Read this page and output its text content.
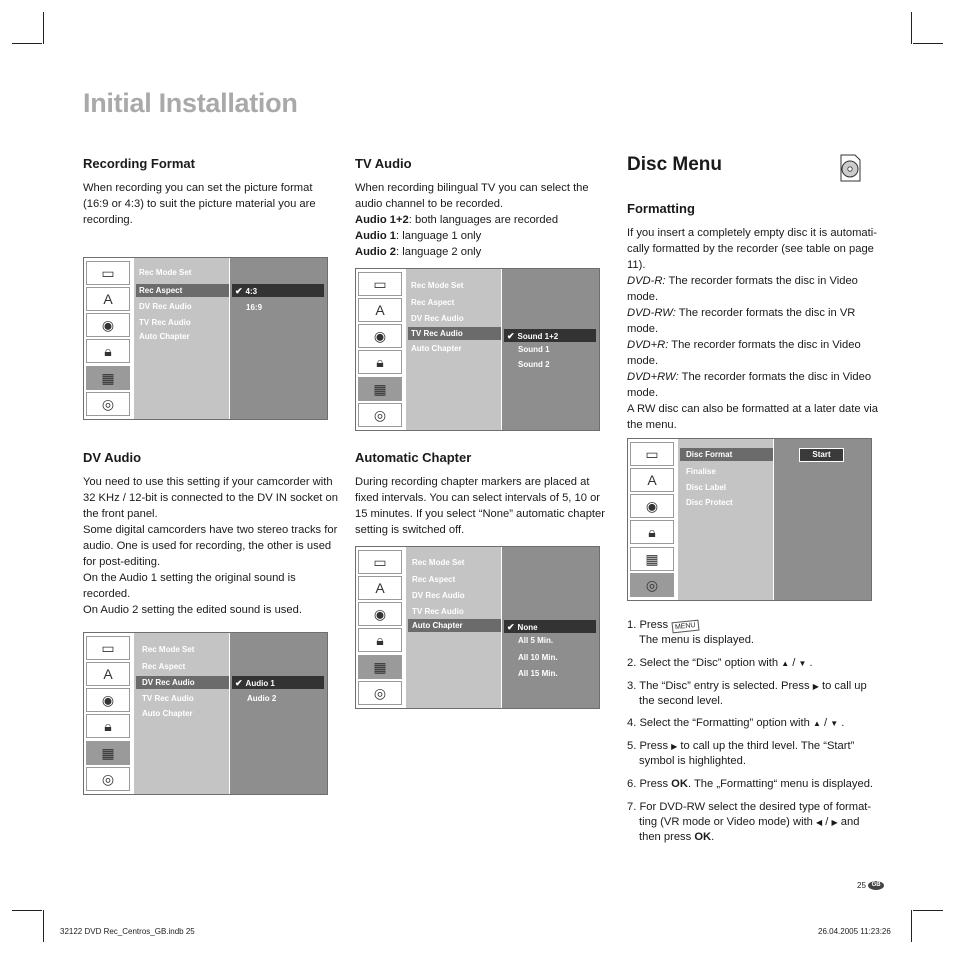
Initial Installation
Recording Format
When recording you can set the picture format
(16:9 or 4:3) to suit the picture material you are
recording.
▭
A
◉
🔒︎
▦
◎
Rec Mode Set
Rec Aspect
DV Rec Audio
TV Rec Audio
Auto Chapter
✔ 4:3
16:9
DV Audio
You need to use this setting if your camcorder with
32 KHz / 12-bit is connected to the DV IN socket on
the front panel.
Some digital camcorders have two stereo tracks for
audio. One is used for recording, the other is used
for post-editing.
On the Audio 1 setting the original sound is
recorded.
On Audio 2 setting the edited sound is used.
▭
A
◉
🔒︎
▦
◎
Rec Mode Set
Rec Aspect
DV Rec Audio
TV Rec Audio
Auto Chapter
✔ Audio 1
Audio 2
TV Audio
When recording bilingual TV you can select the
audio channel to be recorded.
Audio 1+2: both languages are recorded
Audio 1: language 1 only
Audio 2: language 2 only
▭
A
◉
🔒︎
▦
◎
Rec Mode Set
Rec Aspect
DV Rec Audio
TV Rec Audio
Auto Chapter
✔ Sound 1+2
Sound 1
Sound 2
Automatic Chapter
During recording chapter markers are placed at
fixed intervals. You can select intervals of 5, 10 or
15 minutes. If you select “None” automatic chapter
setting is switched off.
▭
A
◉
🔒︎
▦
◎
Rec Mode Set
Rec Aspect
DV Rec Audio
TV Rec Audio
Auto Chapter	✔ None
All 5 Min.
All 10 Min.
All 15 Min.
Disc Menu
Formatting
If you insert a completely empty disc it is automati-
cally formatted by the recorder (see table on page
11).
DVD-R: The recorder formats the disc in Video
mode.
DVD-RW: The recorder formats the disc in VR
mode.
DVD+R: The recorder formats the disc in Video
mode.
DVD+RW: The recorder formats the disc in Video
mode.
A RW disc can also be formatted at a later date via
the menu.
▭
A
◉
🔒︎
▦
◎
Disc Format
Finalise
Disc Label
Disc Protect
Start
1. Press MENU
The menu is displayed.
2. Select the “Disc” option with ▲ / ▼ .
3. The “Disc” entry is selected. Press ▶ to call up
the second level.
4. Select the “Formatting” option with ▲ / ▼ .
5. Press ▶ to call up the third level. The “Start”
symbol is highlighted.
6. Press OK. The „Formatting“ menu is displayed.
7. For DVD-RW select the desired type of format-
ting (VR mode or Video mode) with ◀ / ▶ and
then press OK.
25 GB
32122 DVD Rec_Centros_GB.indb 25	26.04.2005 11:23:26
